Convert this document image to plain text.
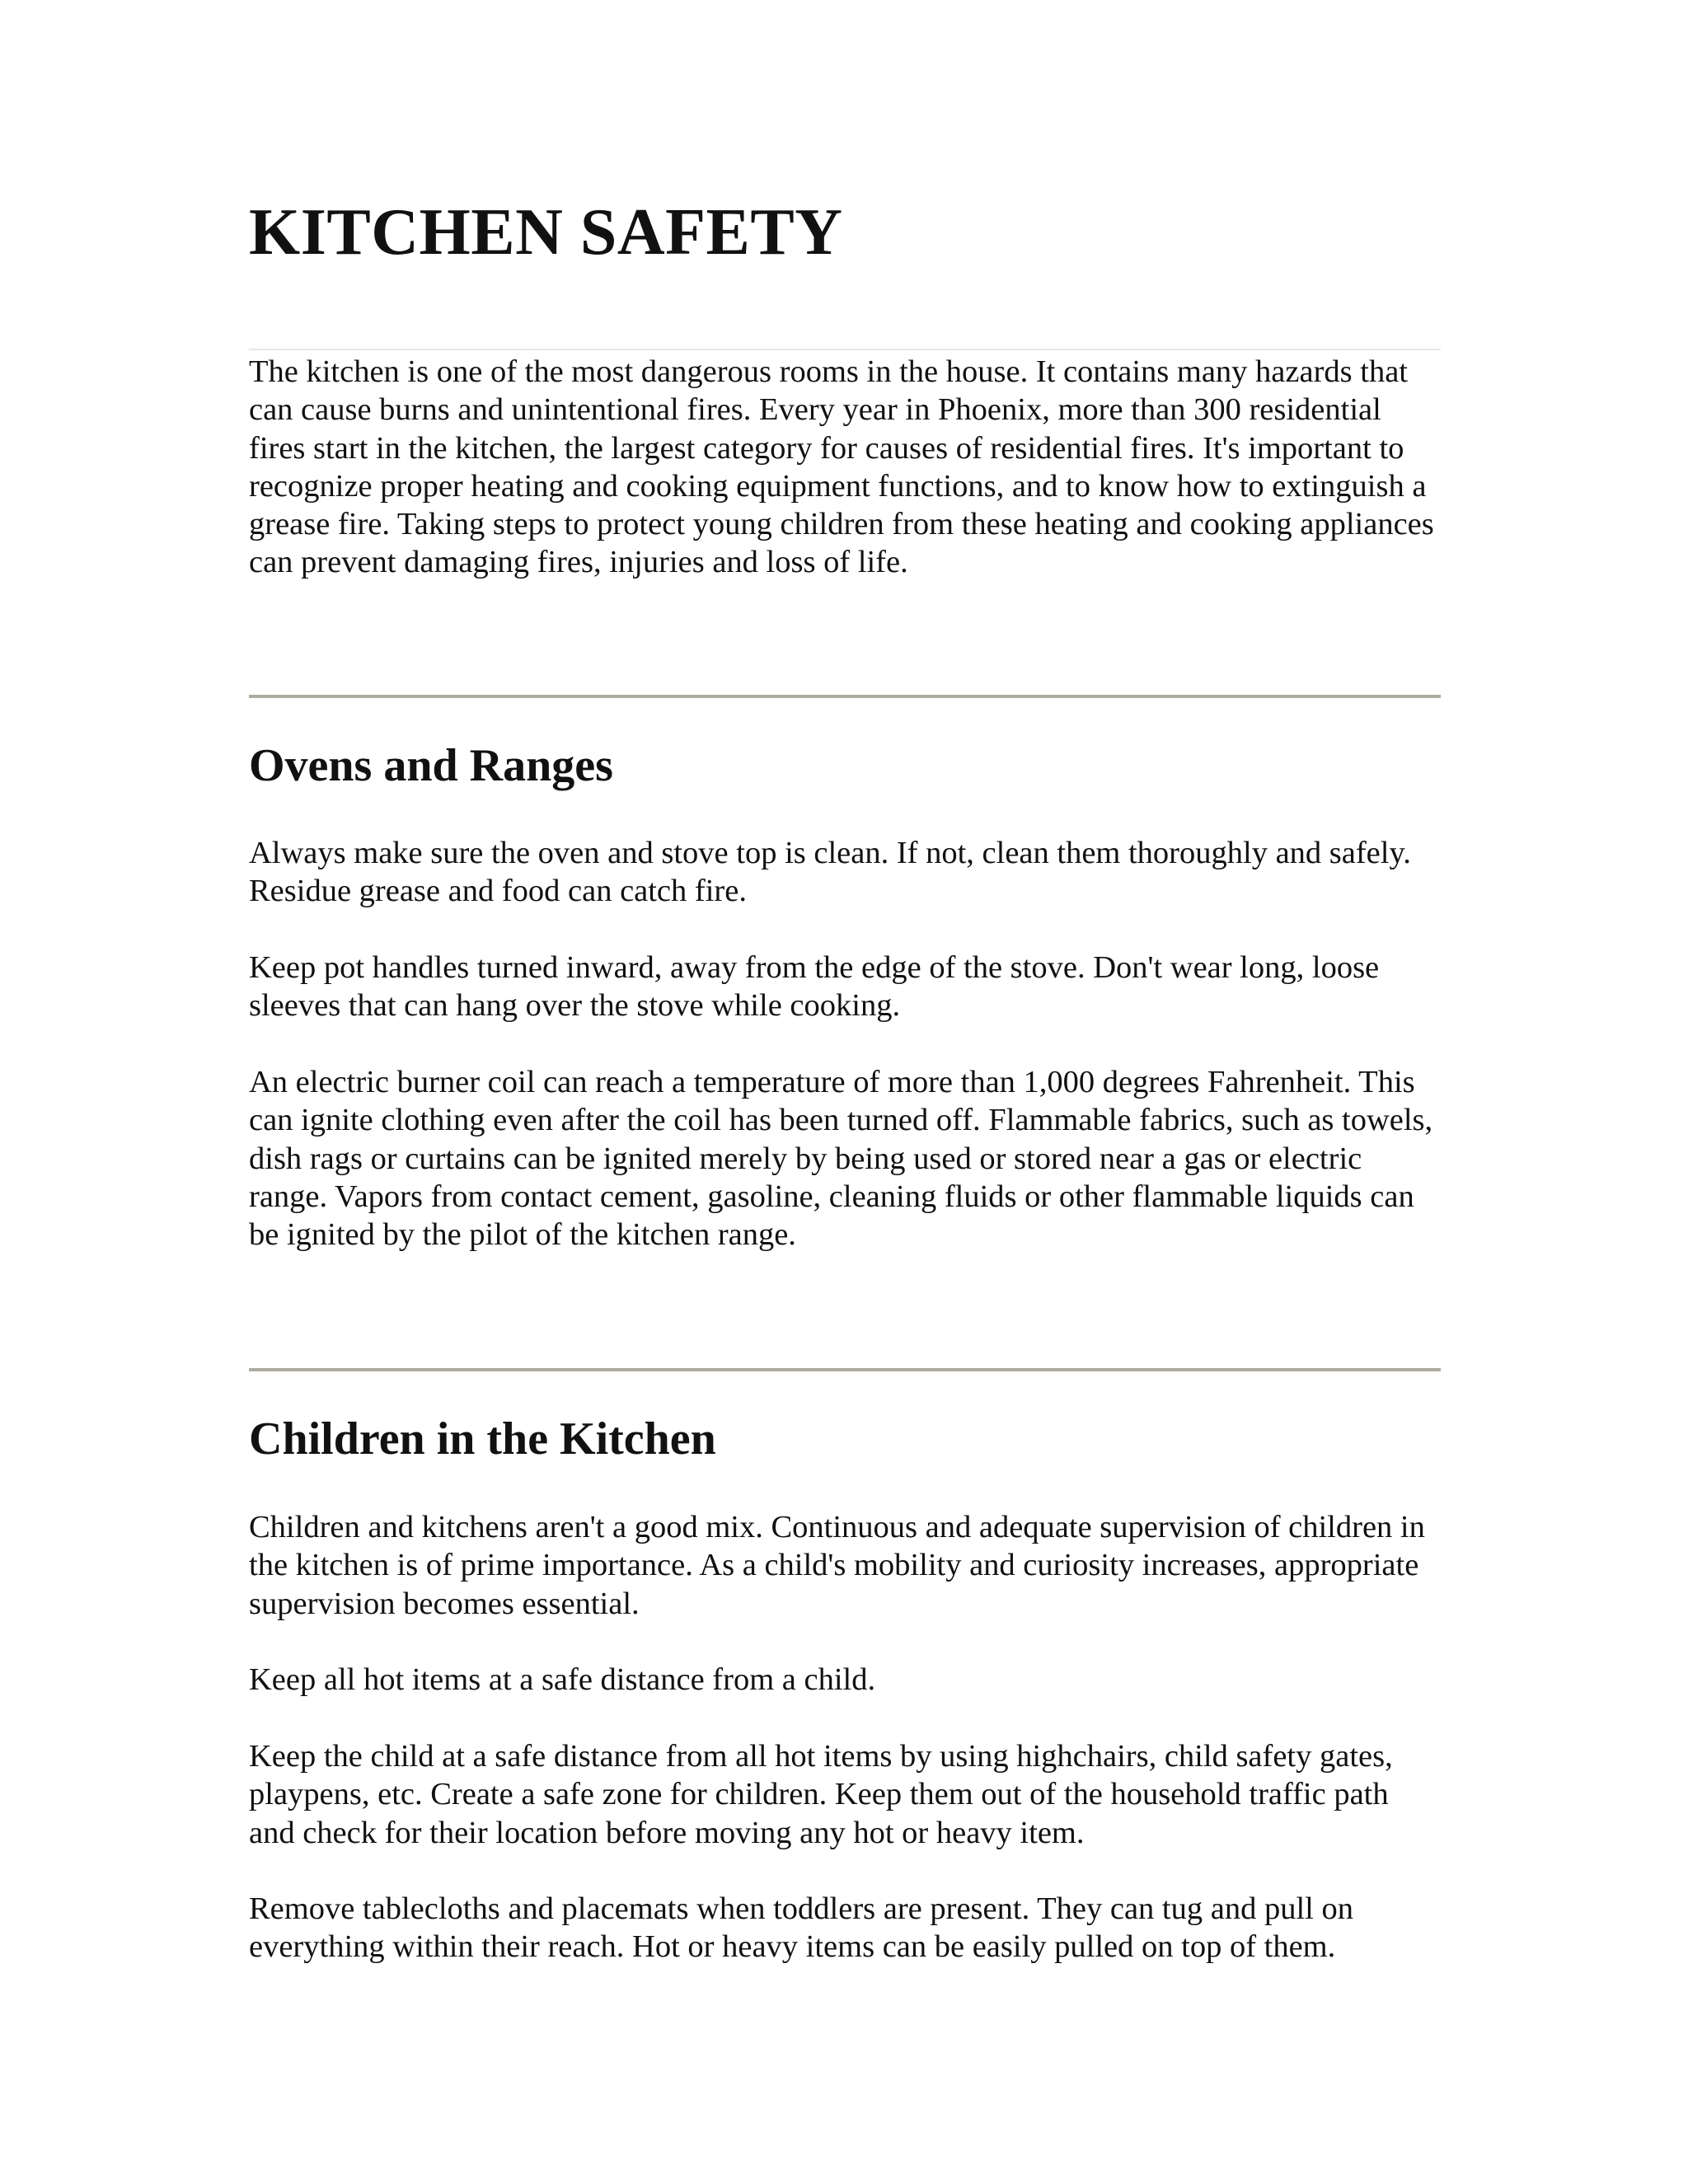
KITCHEN SAFETY

The kitchen is one of the most dangerous rooms in the house. It contains many hazards that can cause burns and unintentional fires. Every year in Phoenix, more than 300 residential fires start in the kitchen, the largest category for causes of residential fires. It's important to recognize proper heating and cooking equipment functions, and to know how to extinguish a grease fire. Taking steps to protect young children from these heating and cooking appliances can prevent damaging fires, injuries and loss of life.

Ovens and Ranges

Always make sure the oven and stove top is clean. If not, clean them thoroughly and safely. Residue grease and food can catch fire.

Keep pot handles turned inward, away from the edge of the stove. Don't wear long, loose sleeves that can hang over the stove while cooking.

An electric burner coil can reach a temperature of more than 1,000 degrees Fahrenheit. This can ignite clothing even after the coil has been turned off. Flammable fabrics, such as towels, dish rags or curtains can be ignited merely by being used or stored near a gas or electric range. Vapors from contact cement, gasoline, cleaning fluids or other flammable liquids can be ignited by the pilot of the kitchen range.

Children in the Kitchen

Children and kitchens aren't a good mix. Continuous and adequate supervision of children in the kitchen is of prime importance. As a child's mobility and curiosity increases, appropriate supervision becomes essential.

Keep all hot items at a safe distance from a child.

Keep the child at a safe distance from all hot items by using highchairs, child safety gates, playpens, etc. Create a safe zone for children. Keep them out of the household traffic path and check for their location before moving any hot or heavy item.

Remove tablecloths and placemats when toddlers are present. They can tug and pull on everything within their reach. Hot or heavy items can be easily pulled on top of them.
